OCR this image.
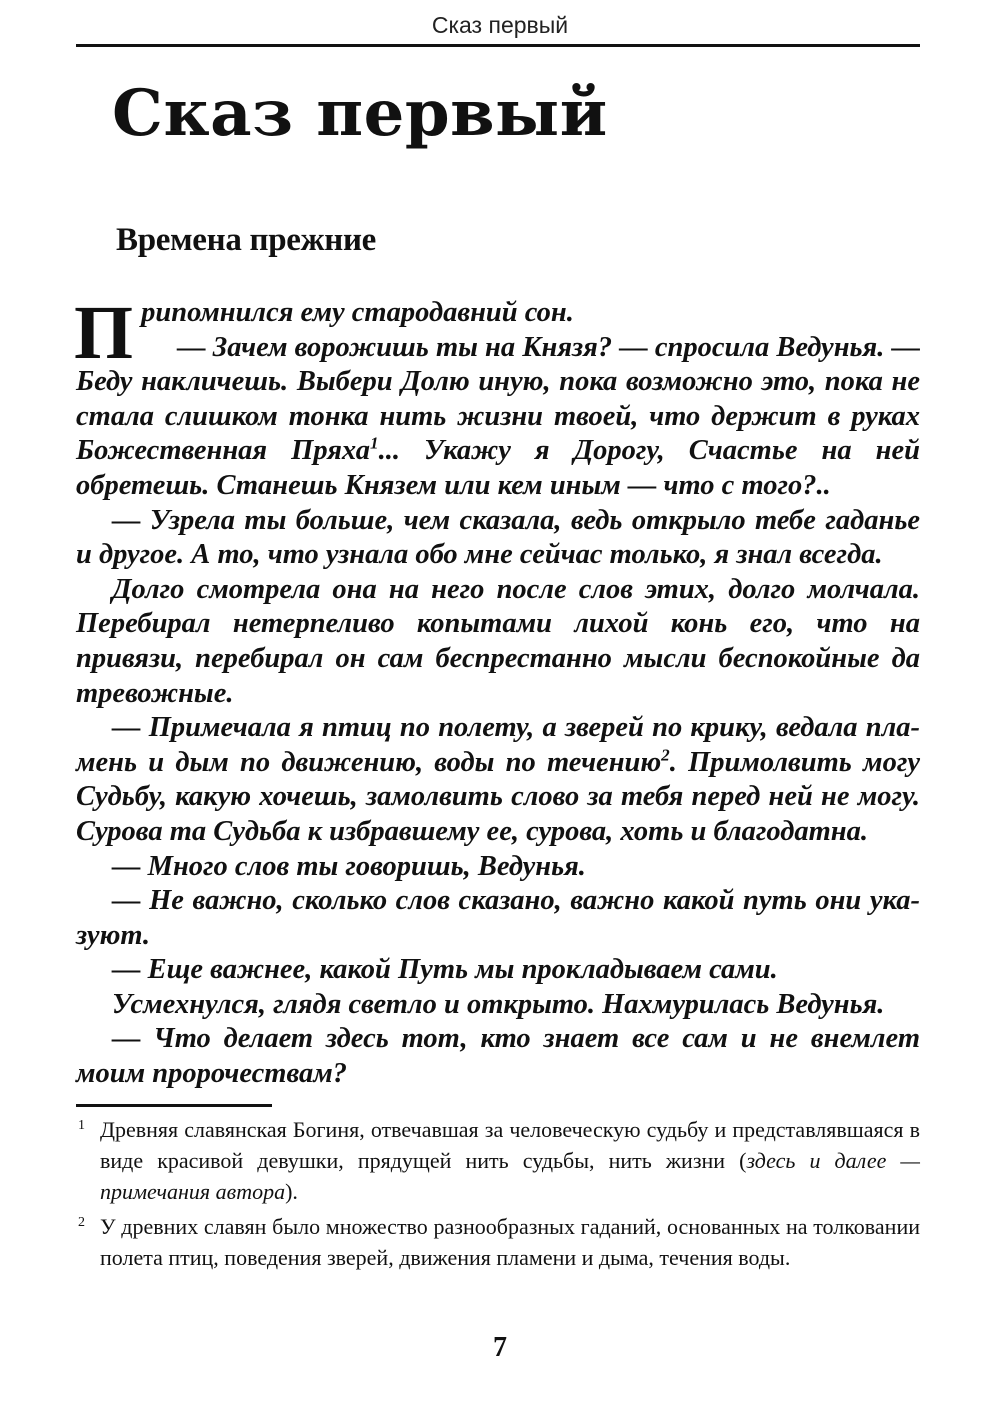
Сказ первый
Сказ первый
Времена прежние

Припомнился ему стародавний сон.

— Зачем ворожишь ты на Князя? — спросила Ведунья. — Беду накличешь. Выбери Долю иную, пока возможно это, пока не стала слишком тонка нить жизни твоей, что держит в руках Божественная Пряха$^1$... Укажу я Дорогу, Счастье на ней обретешь. Станешь Князем или кем иным — что с того?..

— Узрела ты больше, чем сказала, ведь открыло тебе гаданье и другое. А то, что узнала обо мне сейчас только, я знал всегда.

Долго смотрела она на него после слов этих, долго молчала. Перебирал нетерпеливо копытами лихой конь его, что на привязи, перебирал он сам беспрестанно мысли беспокойные да тревожные.

— Примечала я птиц по полету, а зверей по крику, ведала пламень и дым по движению, воды по течению$^2$. Примолвить могу Судьбу, какую хочешь, замолвить слово за тебя перед ней не могу. Сурова та Судьба к избравшему ее, сурова, хоть и благодатна.

— Много слов ты говоришь, Ведунья.

— Не важно, сколько слов сказано, важно какой путь они указуют.

— Еще важнее, какой Путь мы прокладываем сами.

Усмехнулся, глядя светло и открыто. Нахмурилась Ведунья.

— Что делает здесь тот, кто знает все сам и не внемлет моим пророчествам?

1 Древняя славянская Богиня, отвечавшая за человеческую судьбу и представлявшаяся в виде красивой девушки, прядущей нить судьбы, нить жизни (здесь и далее — примечания автора).
2 У древних славян было множество разнообразных гаданий, основанных на толковании полета птиц, поведения зверей, движения пламени и дыма, течения воды.
7
